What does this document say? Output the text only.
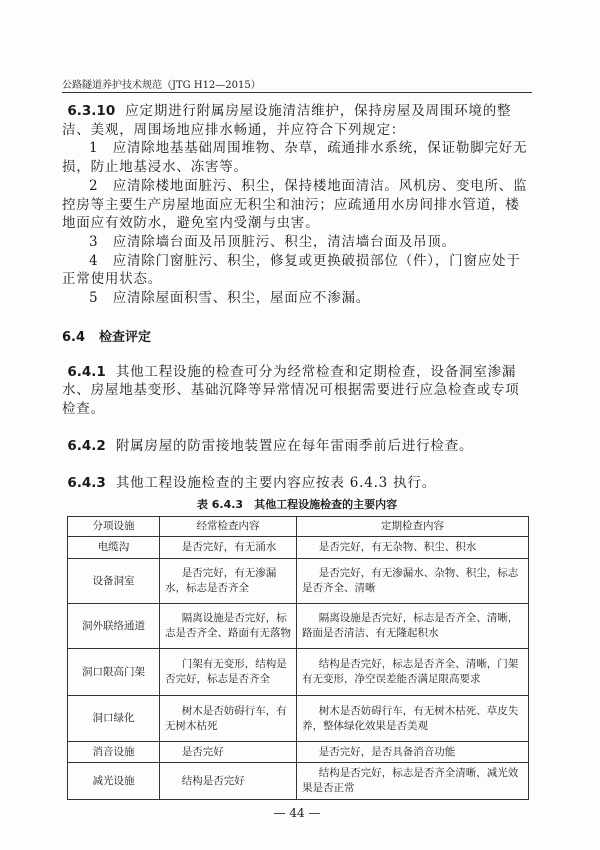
公路隧道养护技术规范（JTG H12—2015）

6.3.10 应定期进行附属房屋设施清洁维护，保持房屋及周围环境的整洁、美观，周围场地应排水畅通，并应符合下列规定：

1　应清除地基基础周围堆物、杂草，疏通排水系统，保证勒脚完好无损，防止地基浸水、冻害等。

2　应清除楼地面脏污、积尘，保持楼地面清洁。风机房、变电所、监控房等主要生产房屋地面应无积尘和油污；应疏通用水房间排水管道，楼地面应有效防水，避免室内受潮与虫害。

3　应清除墙台面及吊顶脏污、积尘，清洁墙台面及吊顶。

4　应清除门窗脏污、积尘，修复或更换破损部位（件），门窗应处于正常使用状态。

5　应清除屋面积雪、积尘，屋面应不渗漏。

6.4 检查评定

6.4.1 其他工程设施的检查可分为经常检查和定期检查，设备洞室渗漏水、房屋地基变形、基础沉降等异常情况可根据需要进行应急检查或专项检查。

6.4.2 附属房屋的防雷接地装置应在每年雷雨季前后进行检查。

6.4.3 其他工程设施检查的主要内容应按表 6.4.3 执行。

表 6.4.3　其他工程设施检查的主要内容
分项设施	经常检查内容	定期检查内容
电缆沟	是否完好，有无涌水	是否完好，有无杂物、积尘、积水
设备洞室	是否完好，有无渗漏水，标志是否齐全	是否完好，有无渗漏水、杂物、积尘，标志是否齐全、清晰
洞外联络通道	隔离设施是否完好，标志是否齐全、路面有无落物	隔离设施是否完好，标志是否齐全、清晰，路面是否清洁、有无隆起积水
洞口限高门架	门架有无变形，结构是否完好，标志是否齐全	结构是否完好，标志是否齐全、清晰，门架有无变形，净空误差能否满足限高要求
洞口绿化	树木是否妨碍行车，有无树木枯死	树木是否妨碍行车，有无树木枯死、草皮失养，整体绿化效果是否美观
消音设施	是否完好	是否完好，是否具备消音功能
减光设施	结构是否完好	结构是否完好，标志是否齐全清晰，减光效果是否正常
— 44 —
